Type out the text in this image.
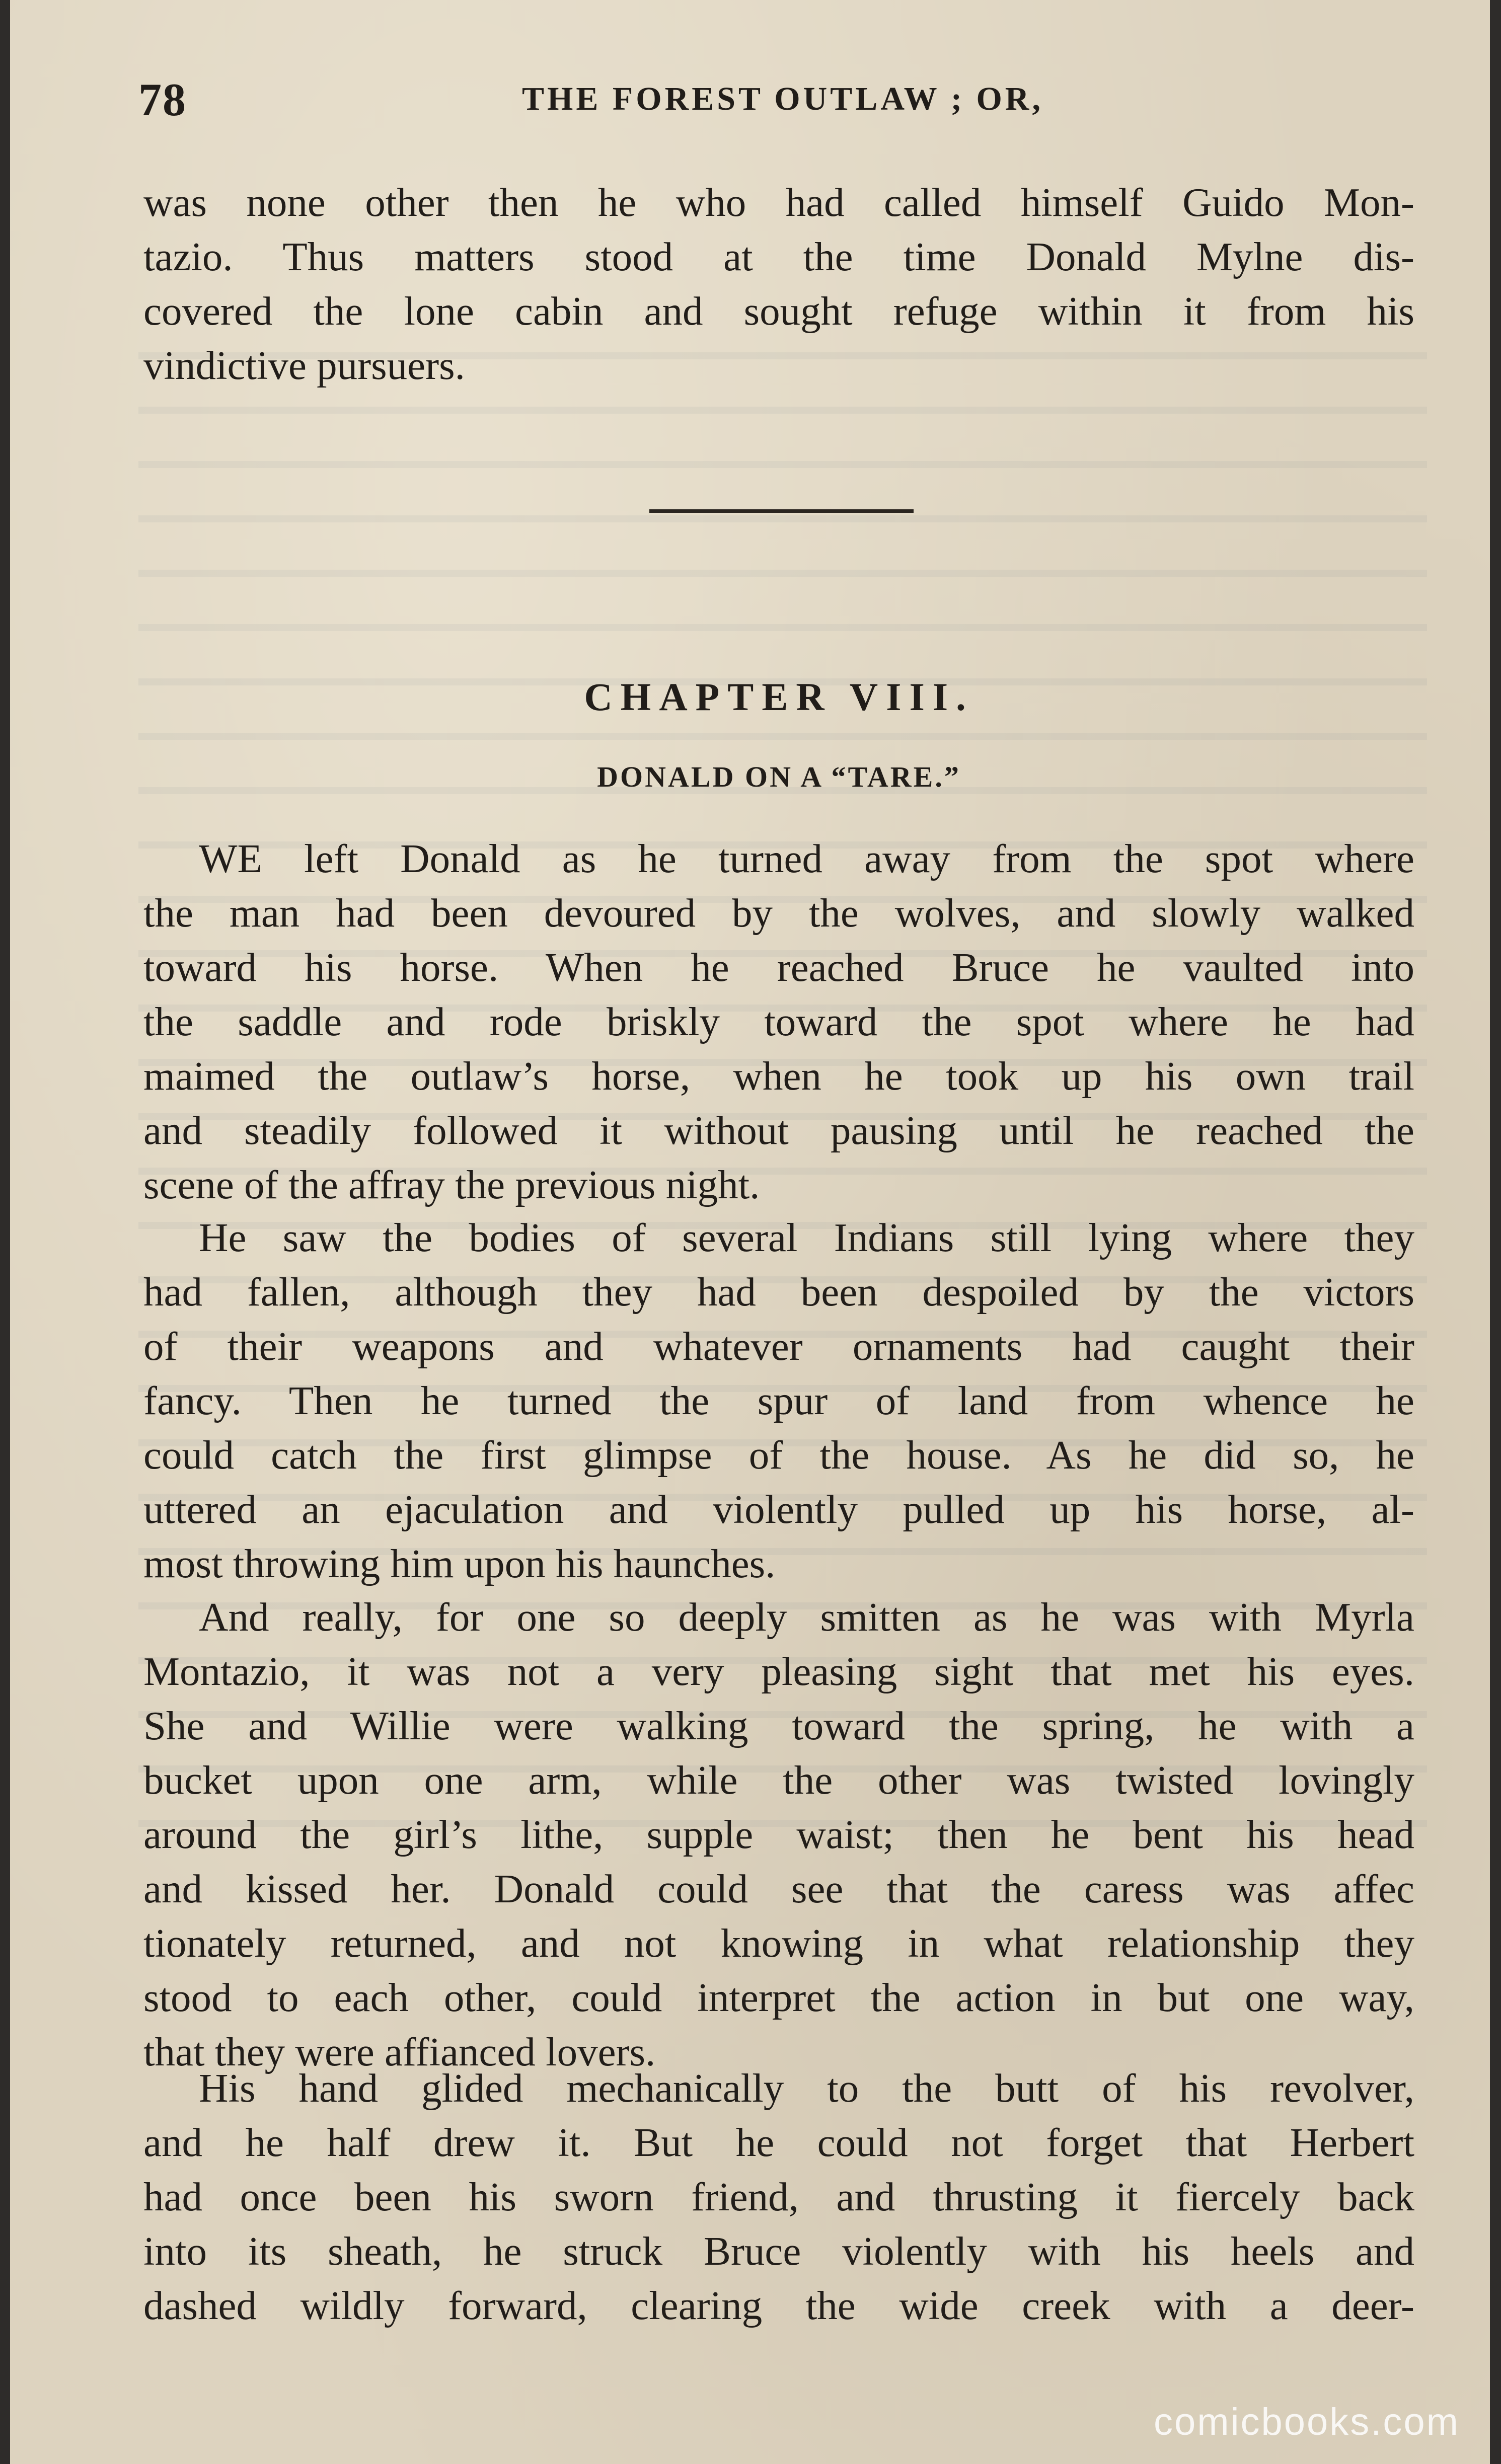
78	THE FOREST OUTLAW ; OR,

was none other then he who had called himself Guido Mon-

tazio. Thus matters stood at the time Donald Mylne dis-

covered the lone cabin and sought refuge within it from his

vindictive pursuers.

CHAPTER VIII.
DONALD ON A “TARE.”

WE left Donald as he turned away from the spot where

the man had been devoured by the wolves, and slowly walked

toward his horse. When he reached Bruce he vaulted into

the saddle and rode briskly toward the spot where he had

maimed the outlaw’s horse, when he took up his own trail

and steadily followed it without pausing until he reached the

scene of the affray the previous night.

He saw the bodies of several Indians still lying where they

had fallen, although they had been despoiled by the victors

of their weapons and whatever ornaments had caught their

fancy. Then he turned the spur of land from whence he

could catch the first glimpse of the house. As he did so, he

uttered an ejaculation and violently pulled up his horse, al-

most throwing him upon his haunches.

And really, for one so deeply smitten as he was with Myrla

Montazio, it was not a very pleasing sight that met his eyes.

She and Willie were walking toward the spring, he with a

bucket upon one arm, while the other was twisted lovingly

around the girl’s lithe, supple waist; then he bent his head

and kissed her. Donald could see that the caress was affec

tionately returned, and not knowing in what relationship they

stood to each other, could interpret the action in but one way,

that they were affianced lovers.

His hand glided mechanically to the butt of his revolver,

and he half drew it. But he could not forget that Herbert

had once been his sworn friend, and thrusting it fiercely back

into its sheath, he struck Bruce violently with his heels and

dashed wildly forward, clearing the wide creek with a deer-

comicbooks.com
